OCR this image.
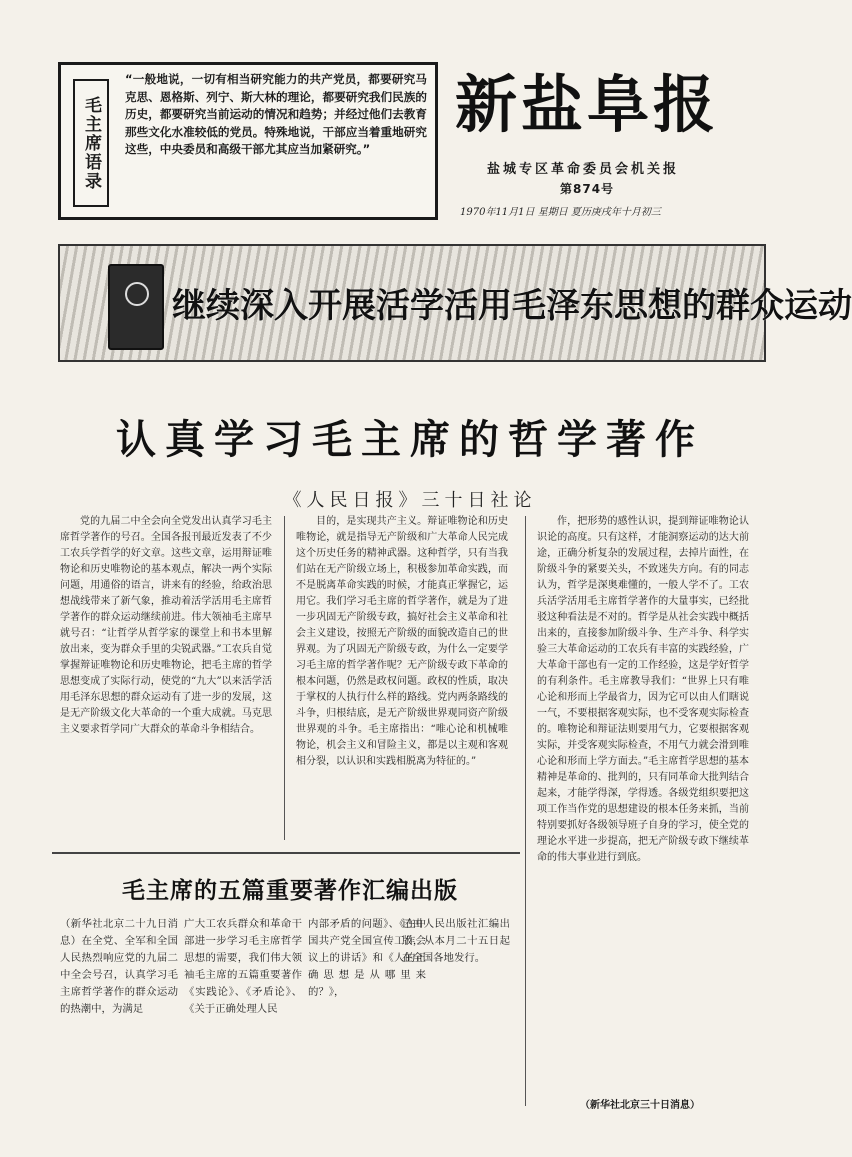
毛主席语录
“一般地说，一切有相当研究能力的共产党员，都要研究马克思、恩格斯、列宁、斯大林的理论，都要研究我们民族的历史，都要研究当前运动的情况和趋势；并经过他们去教育那些文化水准较低的党员。特殊地说，干部应当着重地研究这些，中央委员和高级干部尤其应当加紧研究。”
新盐阜报
盐城专区革命委员会机关报
第874号
1970年11月1日 星期日 夏历庚戌年十月初三
继续深入开展活学活用毛泽东思想的群众运动
认真学习毛主席的哲学著作
《人民日报》三十日社论

党的九届二中全会向全党发出认真学习毛主席哲学著作的号召。全国各报刊最近发表了不少工农兵学哲学的好文章。这些文章，运用辩证唯物论和历史唯物论的基本观点，解决一两个实际问题，用通俗的语言，讲来有的经验，给政治思想战线带来了新气象，推动着活学活用毛主席哲学著作的群众运动继续前进。伟大领袖毛主席早就号召：“让哲学从哲学家的课堂上和书本里解放出来，变为群众手里的尖锐武器。”工农兵自觉掌握辩证唯物论和历史唯物论，把毛主席的哲学思想变成了实际行动，使党的“九大”以来活学活用毛泽东思想的群众运动有了进一步的发展，这是无产阶级文化大革命的一个重大成就。马克思主义要求哲学同广大群众的革命斗争相结合。

目的，是实现共产主义。辩证唯物论和历史唯物论，就是指导无产阶级和广大革命人民完成这个历史任务的精神武器。这种哲学，只有当我们站在无产阶级立场上，积极参加革命实践，而不是脱离革命实践的时候，才能真正掌握它，运用它。我们学习毛主席的哲学著作，就是为了进一步巩固无产阶级专政，搞好社会主义革命和社会主义建设，按照无产阶级的面貌改造自己的世界观。为了巩固无产阶级专政，为什么一定要学习毛主席的哲学著作呢？无产阶级专政下革命的根本问题，仍然是政权问题。政权的性质，取决于掌权的人执行什么样的路线。党内两条路线的斗争，归根结底，是无产阶级世界观同资产阶级世界观的斗争。毛主席指出：“唯心论和机械唯物论，机会主义和冒险主义，都是以主观和客观相分裂，以认识和实践相脱离为特征的。”

作，把形势的感性认识，提到辩证唯物论认识论的高度。只有这样，才能洞察运动的达大前途，正确分析复杂的发展过程，去掉片面性，在阶级斗争的紧要关头，不致迷失方向。有的同志认为，哲学是深奥难懂的，一般人学不了。工农兵活学活用毛主席哲学著作的大量事实，已经批驳这种看法是不对的。哲学是从社会实践中概括出来的，直接参加阶级斗争、生产斗争、科学实验三大革命运动的工农兵有丰富的实践经验，广大革命干部也有一定的工作经验，这是学好哲学的有利条件。毛主席教导我们：“世界上只有唯心论和形而上学最省力，因为它可以由人们瞎说一气，不要根据客观实际，也不受客观实际检查的。唯物论和辩证法则要用气力，它要根据客观实际，并受客观实际检查，不用气力就会滑到唯心论和形而上学方面去。”毛主席哲学思想的基本精神是革命的、批判的，只有同革命大批判结合起来，才能学得深，学得透。各级党组织要把这项工作当作党的思想建设的根本任务来抓，当前特别要抓好各级领导班子自身的学习，使全党的理论水平进一步提高，把无产阶级专政下继续革命的伟大事业进行到底。

（新华社北京三十日消息）
毛主席的五篇重要著作汇编出版
（新华社北京二十九日消息）在全党、全军和全国人民热烈响应党的九届二中全会号召，认真学习毛主席哲学著作的群众运动的热潮中，为满足
广大工农兵群众和革命干部进一步学习毛主席哲学思想的需要，我们伟大领袖毛主席的五篇重要著作《实践论》、《矛盾论》、《关于正确处理人民
内部矛盾的问题》、《在中国共产党全国宣传工作会议上的讲话》和《人的正确思想是从哪里来的？》，
已由人民出版社汇编出版，从本月二十五日起在全国各地发行。
